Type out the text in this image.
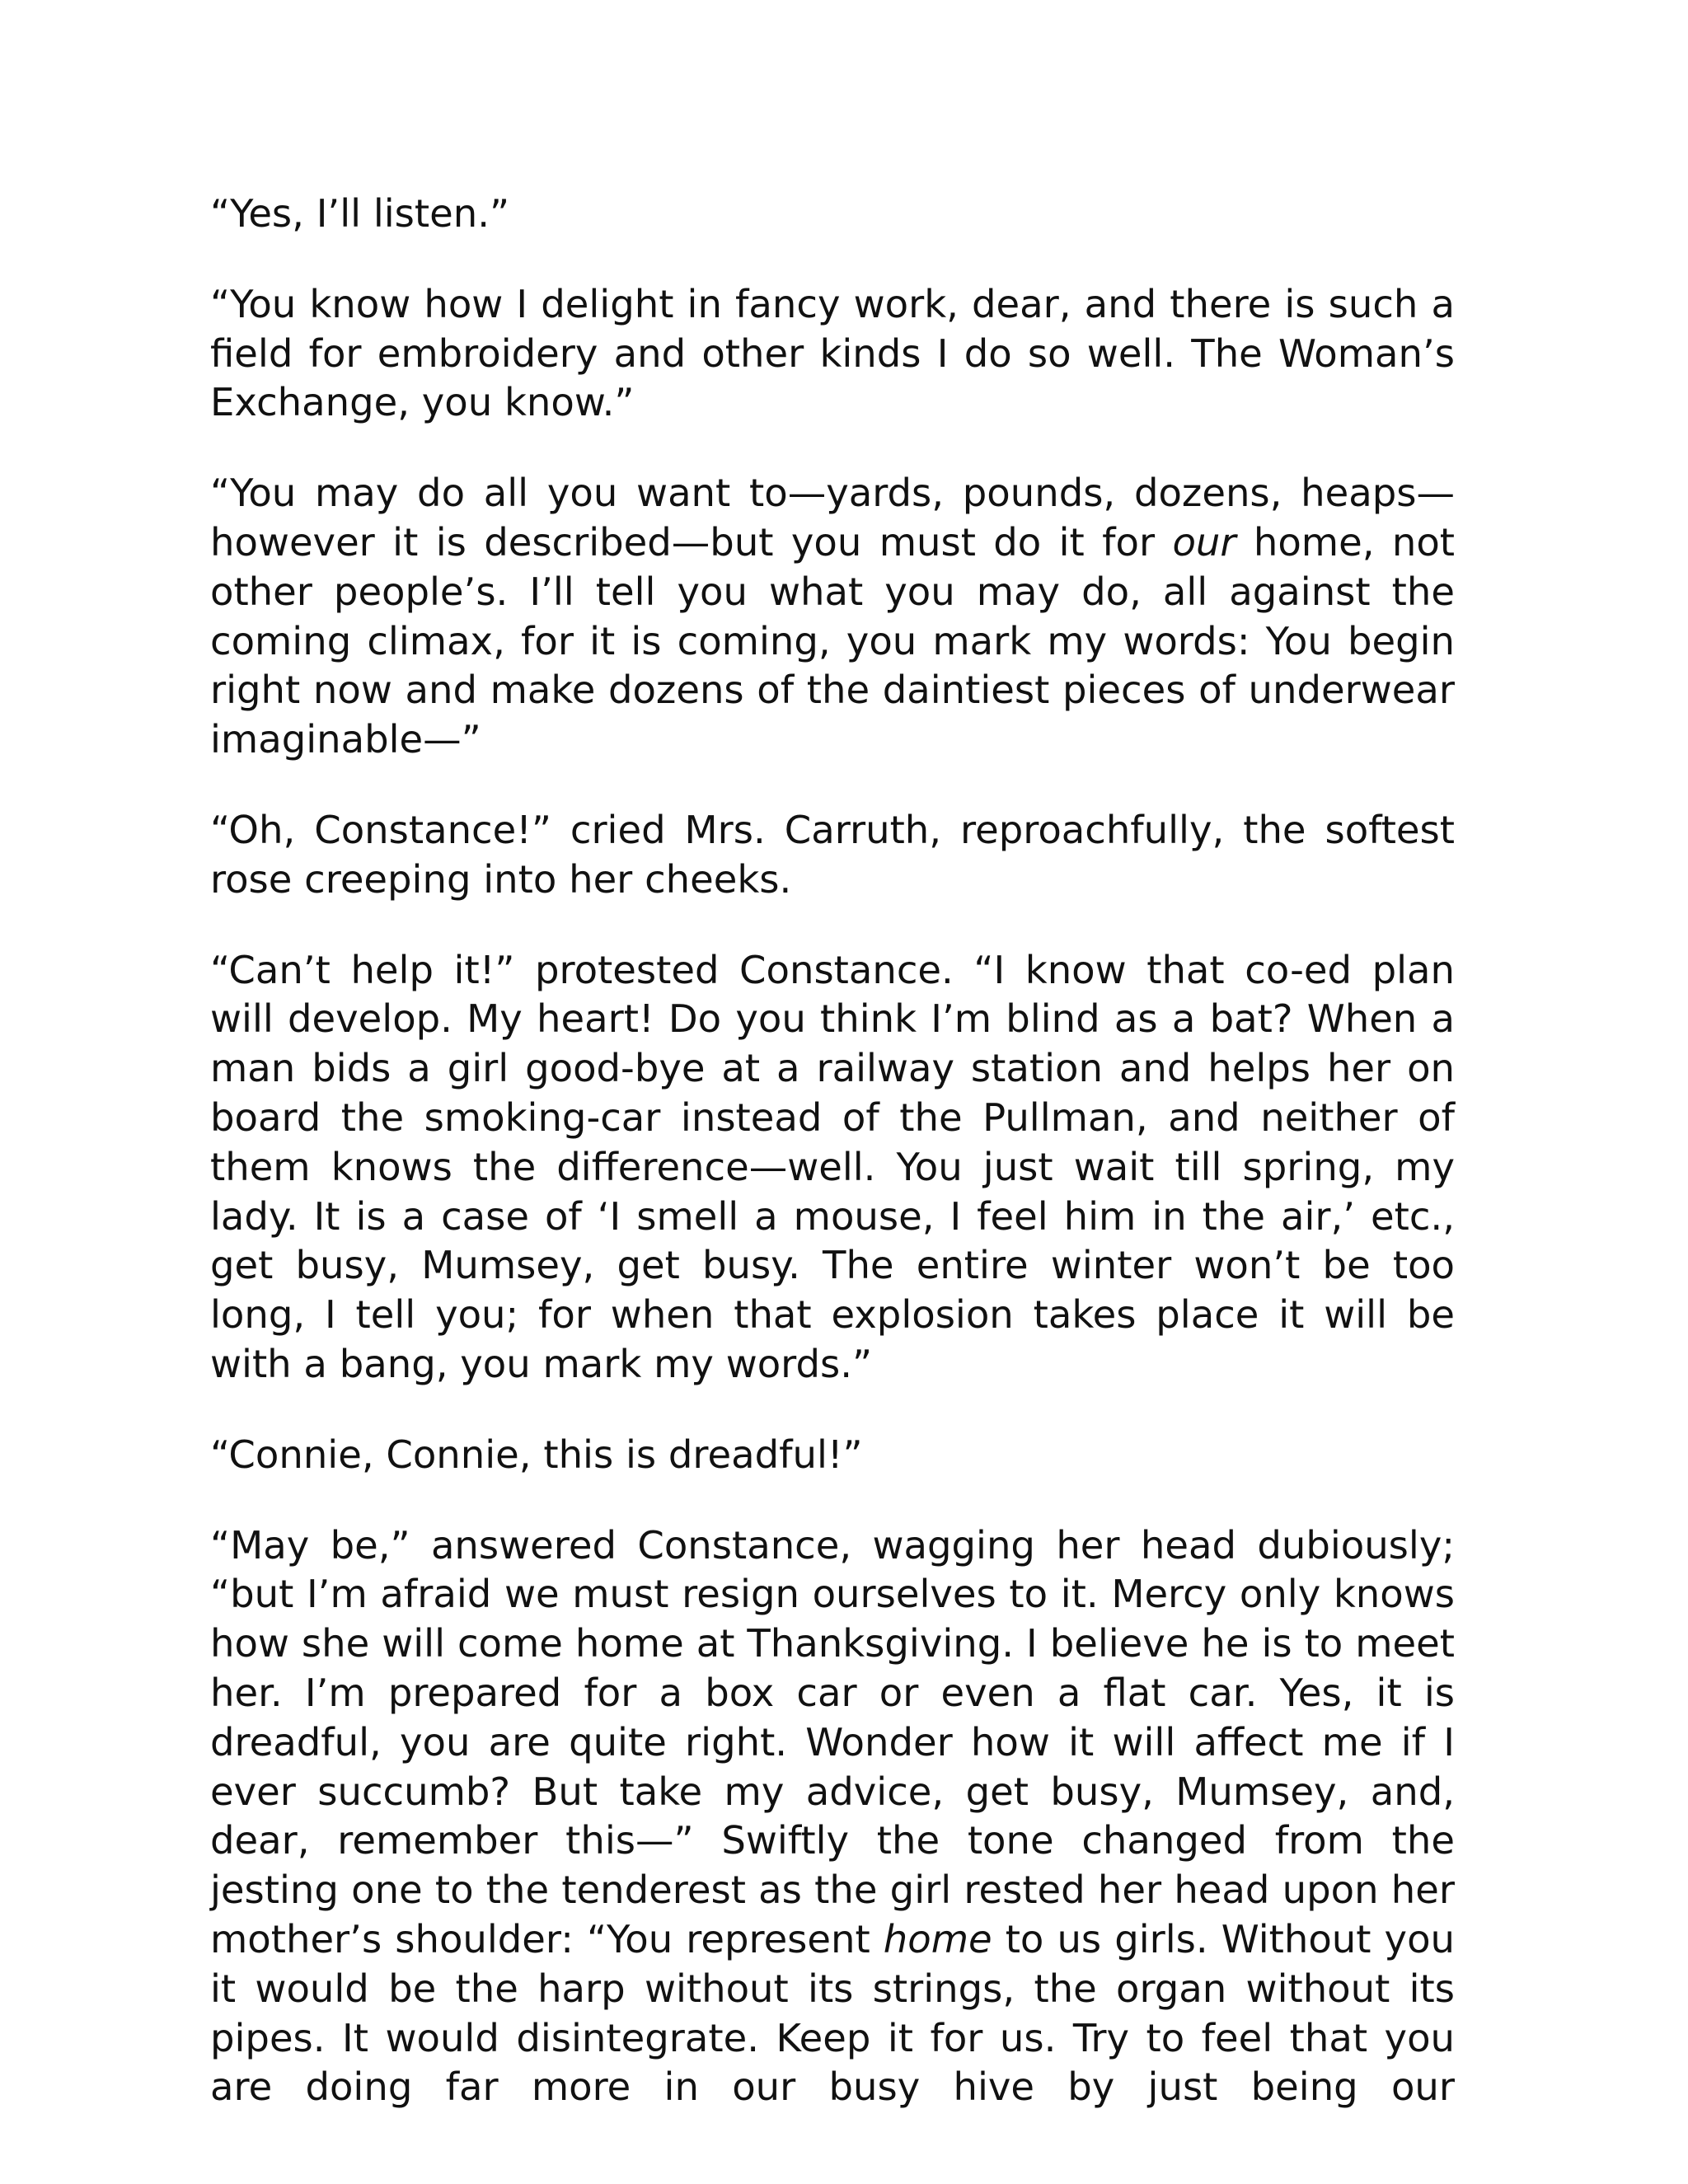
“Yes, I’ll listen.”

“You know how I delight in fancy work, dear, and there is such a field for embroidery and other kinds I do so well. The Woman’s Exchange, you know.”

“You may do all you want to—yards, pounds, dozens, heaps—however it is described—but you must do it for our home, not other people’s. I’ll tell you what you may do, all against the coming climax, for it is coming, you mark my words: You begin right now and make dozens of the daintiest pieces of underwear imaginable—”

“Oh, Constance!” cried Mrs. Carruth, reproachfully, the softest rose creeping into her cheeks.

“Can’t help it!” protested Constance. “I know that co-ed plan will develop. My heart! Do you think I’m blind as a bat? When a man bids a girl good-bye at a railway station and helps her on board the smoking-car instead of the Pullman, and neither of them knows the difference—well. You just wait till spring, my lady. It is a case of ‘I smell a mouse, I feel him in the air,’ etc., get busy, Mumsey, get busy. The entire winter won’t be too long, I tell you; for when that explosion takes place it will be with a bang, you mark my words.”

“Connie, Connie, this is dreadful!”

“May be,” answered Constance, wagging her head dubiously; “but I’m afraid we must resign ourselves to it. Mercy only knows how she will come home at Thanksgiving. I believe he is to meet her. I’m prepared for a box car or even a flat car. Yes, it is dreadful, you are quite right. Wonder how it will affect me if I ever succumb? But take my advice, get busy, Mumsey, and, dear, remember this—” Swiftly the tone changed from the jesting one to the tenderest as the girl rested her head upon her mother’s shoulder: “You represent home to us girls. Without you it would be the harp without its strings, the organ without its pipes. It would disintegrate. Keep it for us. Try to feel that you are doing far more in our busy hive by just being our
